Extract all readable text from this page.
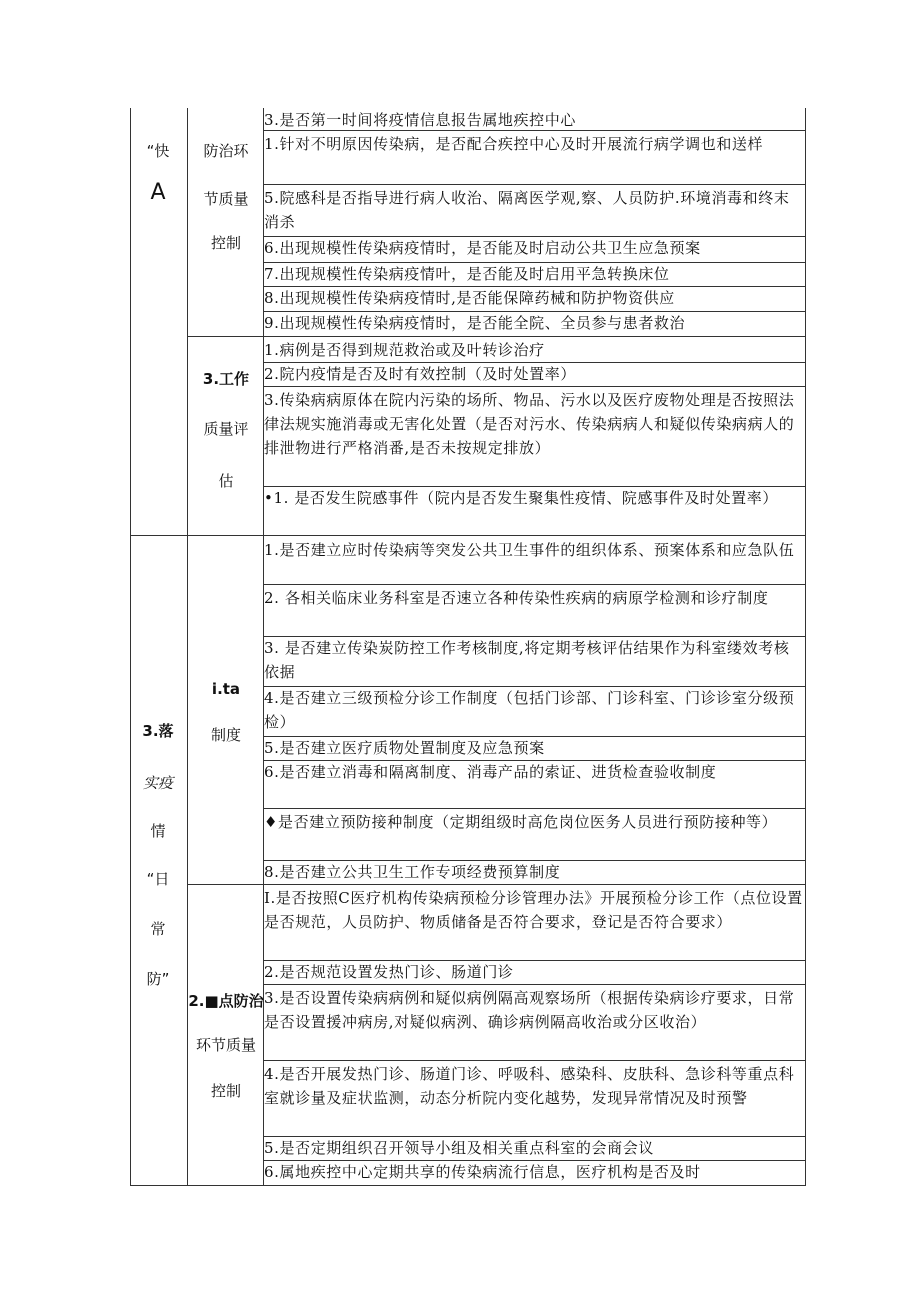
“快
A
3.落
实疫
情
“日
常
防”
防治环
节质量
控制
3.工作
质量评
估
i.ta
制度
2.■点防治
环节质量
控制
3.是否第一时间将疫情信息报告属地疾控中心
1.针对不明原因传染病，是否配合疾控中心及时开展流行病学调也和送样
5.院感科是否指导进行病人收治、隔离医学观,察、人员防护.环境消毒和终末消杀
6.出现规模性传染病疫情时，是否能及时启动公共卫生应急预案
7.出现规模性传染病疫情叶，是否能及时启用平急转换床位
8.出现规模性传染病疫情时,是否能保障药械和防护物资供应
9.出现规模性传染病疫情时，是否能全院、全员参与患者救治
1.病例是否得到规范救治或及叶转诊治疗
2.院内疫情是否及时有效控制（及时处置率）
3.传染病病原体在院内污染的场所、物品、污水以及医疗废物处理是否按照法律法规实施消毒或无害化处置（是否对污水、传染病病人和疑似传染病病人的排泄物进行严格消番,是否未按规定排放）
•1. 是否发生院感事件（院内是否发生聚集性疫情、院感事件及时处置率）
1.是否建立应时传染病等突发公共卫生事件的组织体系、预案体系和应急队伍
2. 各相关临床业务科室是否速立各种传染性疾病的病原学检测和诊疗制度
3. 是否建立传染炭防控工作考核制度,将定期考核评估结果作为科室缕效考核依据
4.是否建立三级预检分诊工作制度（包括门诊部、门诊科室、门诊诊室分级预检）
5.是否建立医疗质物处置制度及应急预案
6.是否建立消毒和隔离制度、消毒产品的索证、进货检查验收制度
♦是否建立预防接种制度（定期组级时高危岗位医务人员进行预防接种等）
8.是否建立公共卫生工作专项经费预算制度
I.是否按照C医疗机构传染病预检分诊管理办法》开展预检分诊工作（点位设置是否规范，人员防护、物质储备是否符合要求，登记是否符合要求）
2.是否规范设置发热门诊、肠道门诊
3.是否设置传染病病例和疑似病例隔高观察场所（根据传染病诊疗要求，日常是否设置援冲病房,对疑似病洌、确诊病例隔高收治或分区收治）
4.是否开展发热门诊、肠道门诊、呼吸科、感染科、皮肤科、急诊科等重点科室就诊量及症状监测，动态分析院内变化越势，发现异常情况及时预警
5.是否定期组织召开领导小组及相关重点科室的会商会议
6.属地疾控中心定期共享的传染病流行信息，医疗机构是否及时
